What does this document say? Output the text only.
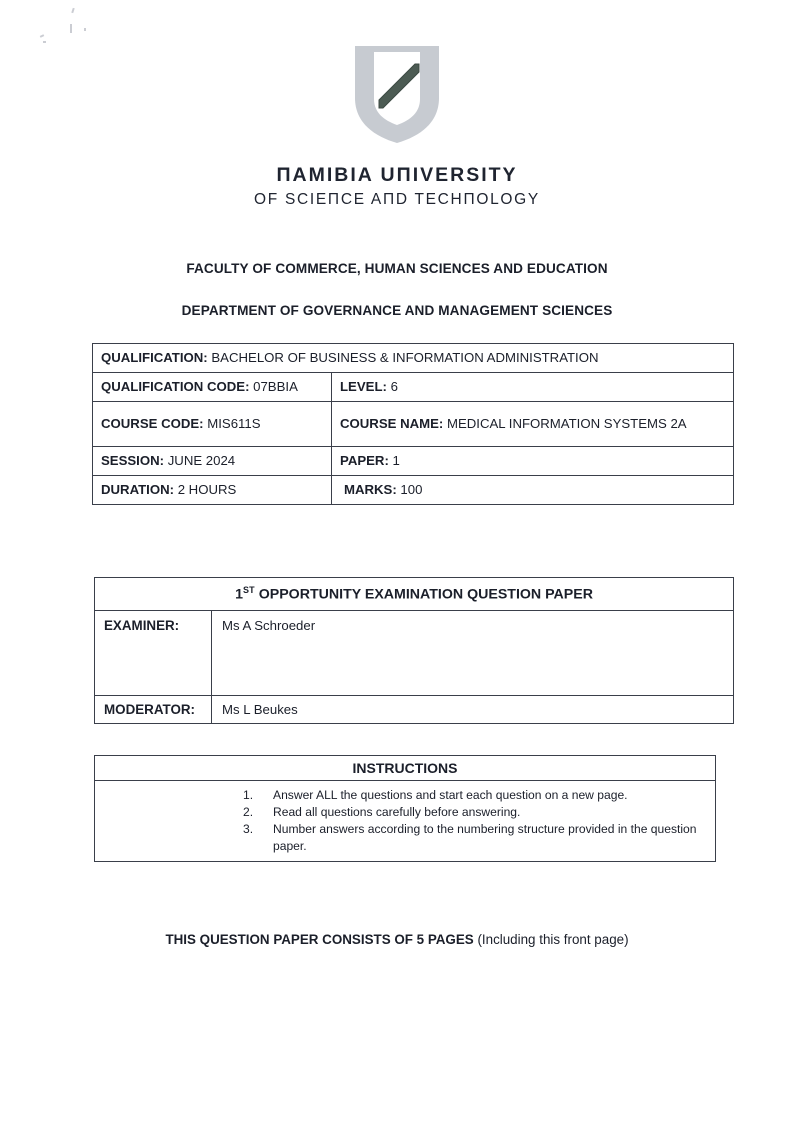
ΠAMIBIA UΠIVERSITY
OF SCIEΠCE AΠD TECHΠOLOGY
FACULTY OF COMMERCE, HUMAN SCIENCES AND EDUCATION
DEPARTMENT OF GOVERNANCE AND MANAGEMENT SCIENCES
QUALIFICATION: BACHELOR OF BUSINESS & INFORMATION ADMINISTRATION	

QUALIFICATION CODE: 07BBIA	LEVEL: 6

COURSE CODE: MIS611S	COURSE NAME: MEDICAL INFORMATION SYSTEMS 2A

SESSION: JUNE 2024	PAPER: 1

DURATION: 2 HOURS	MARKS: 100
1ST OPPORTUNITY EXAMINATION QUESTION PAPER	
EXAMINER:	Ms A Schroeder
MODERATOR:	Ms L Beukes
INSTRUCTIONS

Answer ALL the questions and start each question on a new page.
Read all questions carefully before answering.
Number answers according to the numbering structure provided in the question paper.
THIS QUESTION PAPER CONSISTS OF 5 PAGES (Including this front page)
